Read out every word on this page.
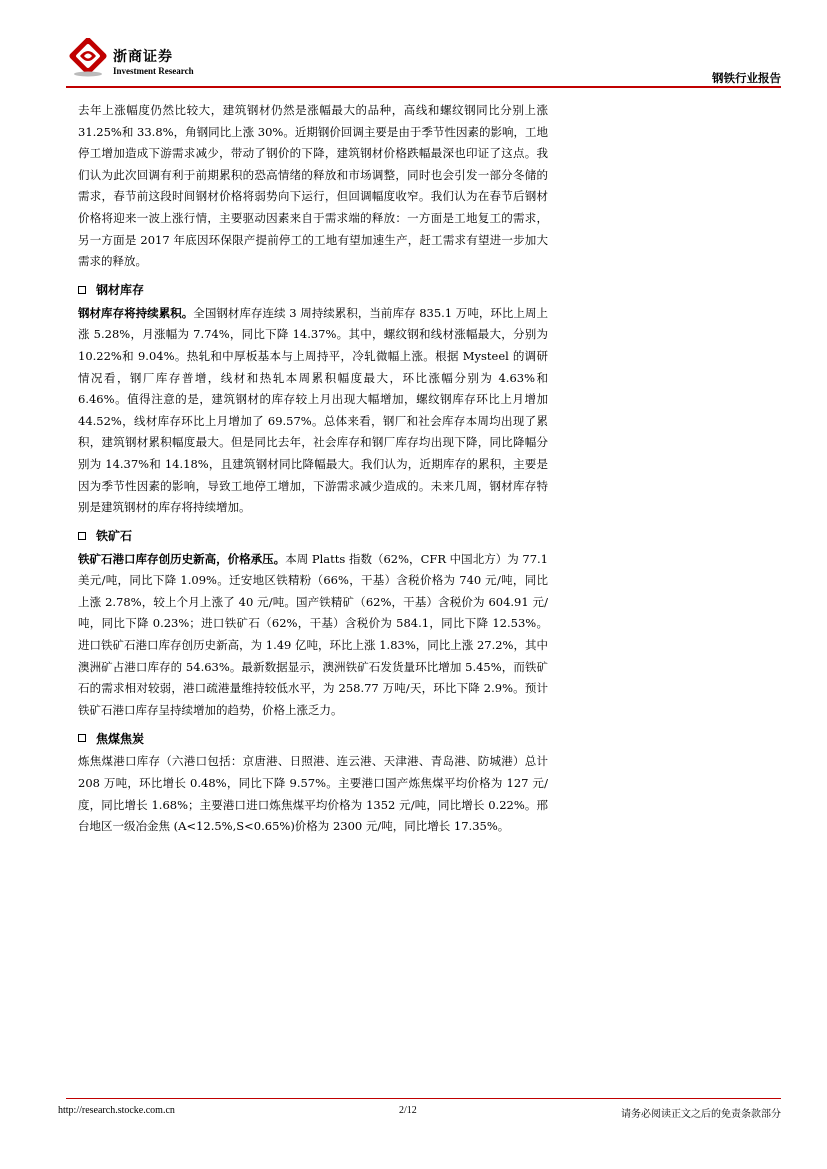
浙商证券
Investment Research	钢铁行业报告

去年上涨幅度仍然比较大，建筑钢材仍然是涨幅最大的品种，高线和螺纹钢同比分别上涨 31.25%和 33.8%，角钢同比上涨 30%。近期钢价回调主要是由于季节性因素的影响，工地停工增加造成下游需求减少，带动了钢价的下降，建筑钢材价格跌幅最深也印证了这点。我们认为此次回调有利于前期累积的恐高情绪的释放和市场调整，同时也会引发一部分冬储的需求，春节前这段时间钢材价格将弱势向下运行，但回调幅度收窄。我们认为在春节后钢材价格将迎来一波上涨行情，主要驱动因素来自于需求端的释放：一方面是工地复工的需求，另一方面是 2017 年底因环保限产提前停工的工地有望加速生产，赶工需求有望进一步加大需求的释放。

钢材库存

钢材库存将持续累积。全国钢材库存连续 3 周持续累积，当前库存 835.1 万吨，环比上周上涨 5.28%，月涨幅为 7.74%，同比下降 14.37%。其中，螺纹钢和线材涨幅最大，分别为 10.22%和 9.04%。热轧和中厚板基本与上周持平，冷轧微幅上涨。根据 Mysteel 的调研情况看，钢厂库存普增，线材和热轧本周累积幅度最大，环比涨幅分别为 4.63%和 6.46%。值得注意的是，建筑钢材的库存较上月出现大幅增加，螺纹钢库存环比上月增加 44.52%，线材库存环比上月增加了 69.57%。总体来看，钢厂和社会库存本周均出现了累积，建筑钢材累积幅度最大。但是同比去年，社会库存和钢厂库存均出现下降，同比降幅分别为 14.37%和 14.18%，且建筑钢材同比降幅最大。我们认为，近期库存的累积，主要是因为季节性因素的影响，导致工地停工增加，下游需求减少造成的。未来几周，钢材库存特别是建筑钢材的库存将持续增加。

铁矿石

铁矿石港口库存创历史新高，价格承压。本周 Platts 指数（62%，CFR 中国北方）为 77.1 美元/吨，同比下降 1.09%。迁安地区铁精粉（66%，干基）含税价格为 740 元/吨，同比上涨 2.78%，较上个月上涨了 40 元/吨。国产铁精矿（62%，干基）含税价为 604.91 元/吨，同比下降 0.23%；进口铁矿石（62%，干基）含税价为 584.1，同比下降 12.53%。进口铁矿石港口库存创历史新高，为 1.49 亿吨，环比上涨 1.83%，同比上涨 27.2%，其中澳洲矿占港口库存的 54.63%。最新数据显示，澳洲铁矿石发货量环比增加 5.45%，而铁矿石的需求相对较弱，港口疏港量维持较低水平，为 258.77 万吨/天，环比下降 2.9%。预计铁矿石港口库存呈持续增加的趋势，价格上涨乏力。

焦煤焦炭

炼焦煤港口库存（六港口包括：京唐港、日照港、连云港、天津港、青岛港、防城港）总计 208 万吨，环比增长 0.48%，同比下降 9.57%。主要港口国产炼焦煤平均价格为 127 元/度，同比增长 1.68%；主要港口进口炼焦煤平均价格为 1352 元/吨，同比增长 0.22%。邢台地区一级冶金焦 (A<12.5%,S<0.65%)价格为 2300 元/吨，同比增长 17.35%。

http://research.stocke.com.cn	2/12	请务必阅读正文之后的免责条款部分
